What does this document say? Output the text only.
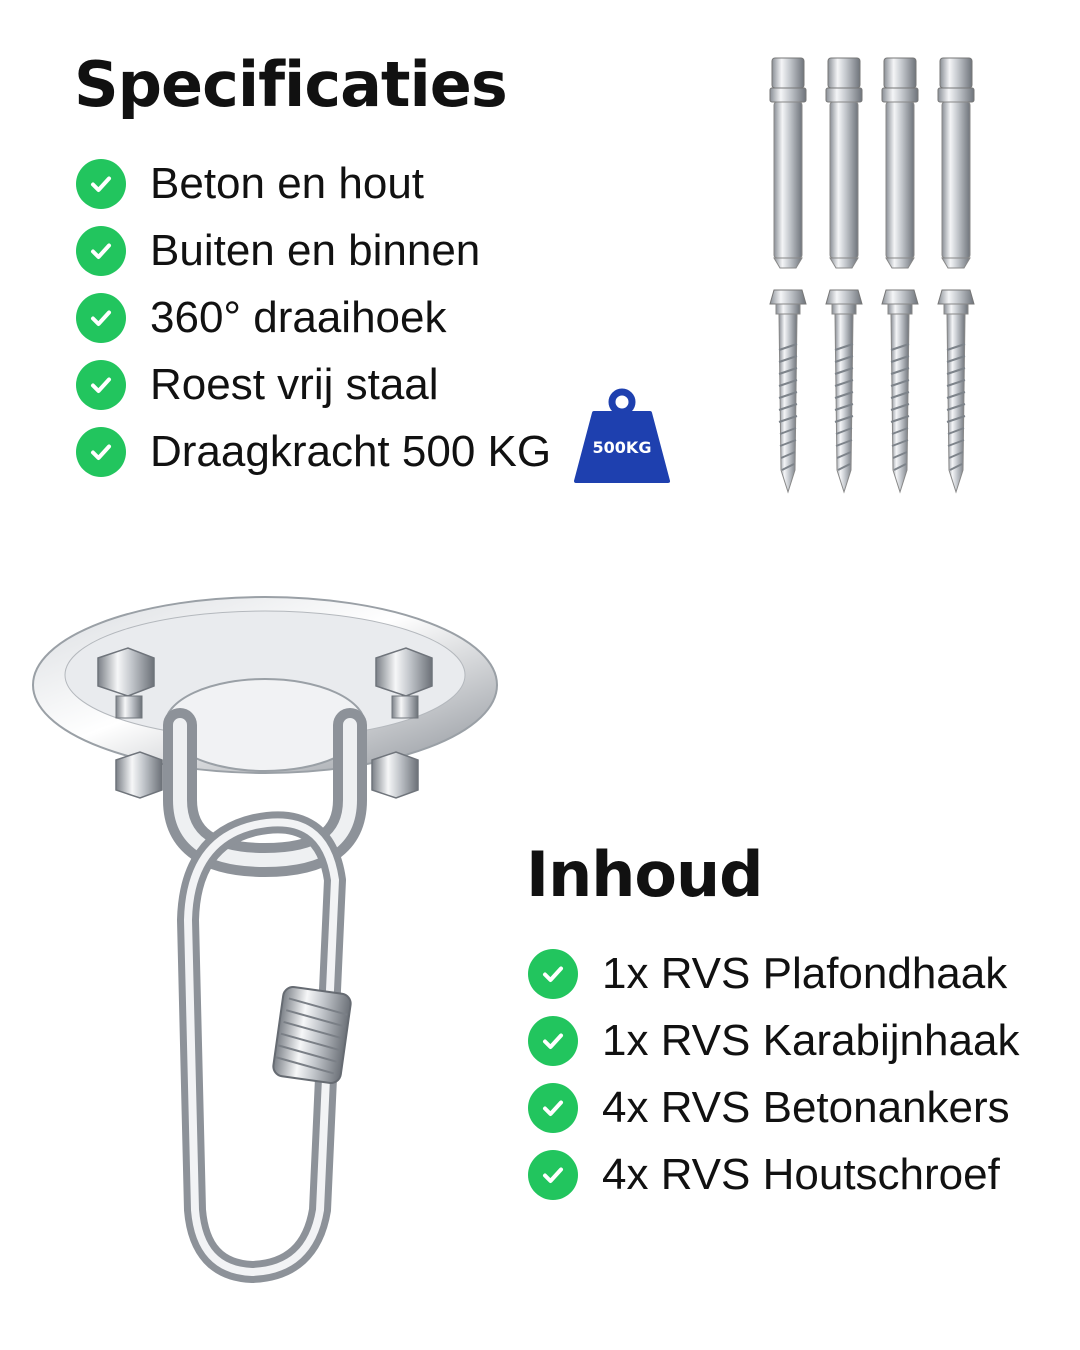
Specificaties
Beton en hout
Buiten en binnen
360° draaihoek
Roest vrij staal
Draagkracht 500 KG	500KG
Inhoud
1x RVS Plafondhaak
1x RVS Karabijnhaak
4x RVS Betonankers
4x RVS Houtschroef
